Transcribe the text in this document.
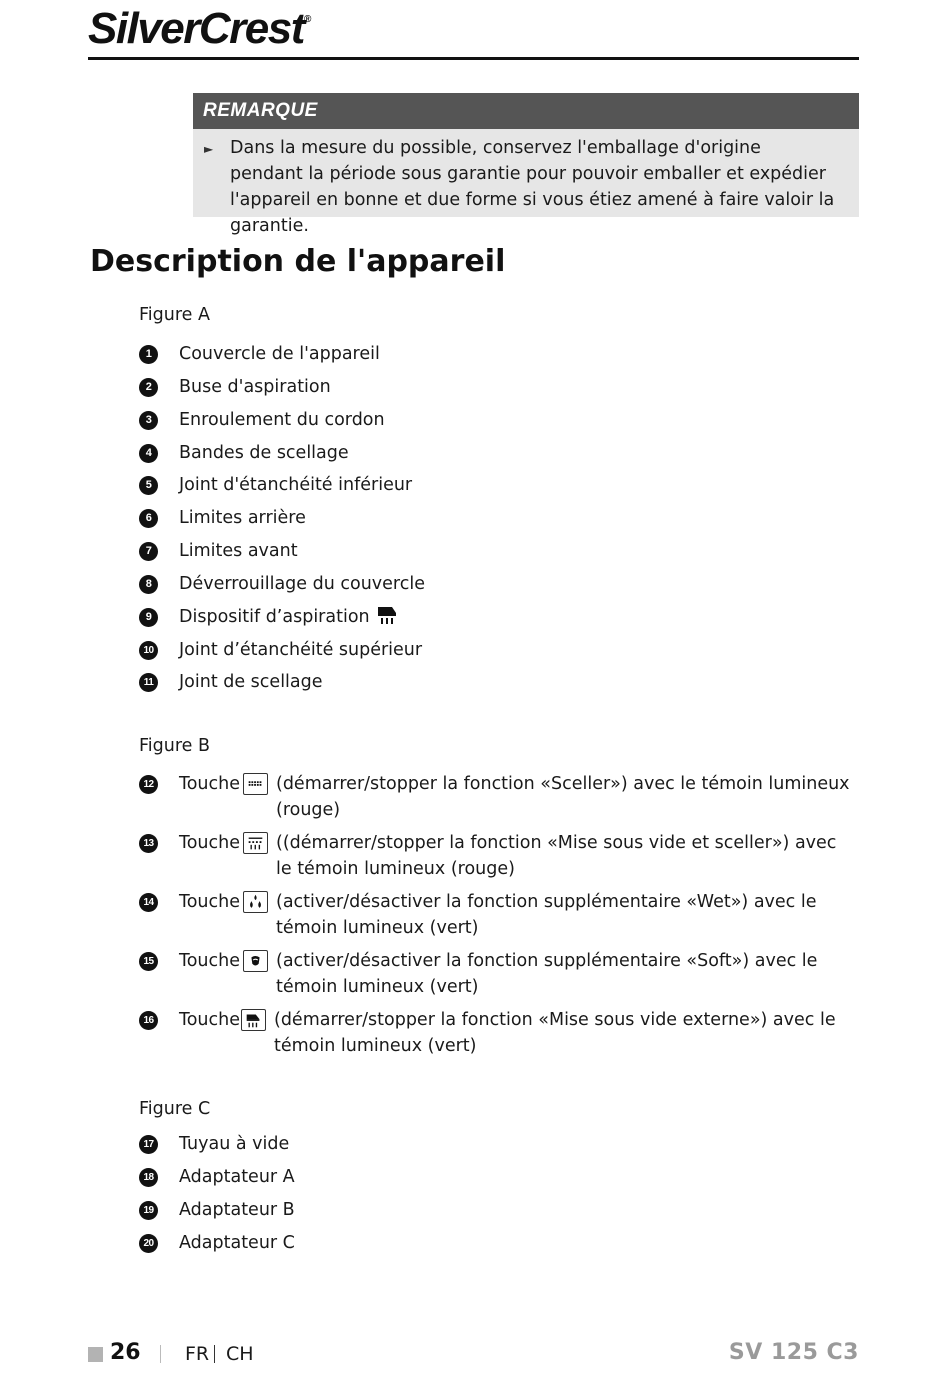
SilverCrest®
REMARQUE
► Dans la mesure du possible, conservez l'emballage d'origine pendant la période sous garantie pour pouvoir emballer et expédier l'appareil en bonne et due forme si vous étiez amené à faire valoir la garantie.
Description de l'appareil
Figure A
1	Couvercle de l'appareil
2	Buse d'aspiration
3	Enroulement du cordon
4	Bandes de scellage
5	Joint d'étanchéité inférieur
6	Limites arrière
7	Limites avant
8	Déverrouillage du couvercle
9	Dispositif d’aspiration
10 Joint d’étanchéité supérieur
11 Joint de scellage
Figure B
12 Touche (démarrer/stopper la fonction «Sceller») avec le témoin lumineux (rouge)
13 Touche ((démarrer/stopper la fonction «Mise sous vide et sceller») avec le témoin lumineux (rouge)
14 Touche (activer/désactiver la fonction supplémentaire «Wet») avec le témoin lumineux (vert)
15 Touche (activer/désactiver la fonction supplémentaire «Soft») avec le témoin lumineux (vert)
16 Touche (démarrer/stopper la fonction «Mise sous vide externe») avec le témoin lumineux (vert)
Figure C
17 Tuyau à vide
18 Adaptateur A
19 Adaptateur B
20 Adaptateur C
26 FR CH	SV 125 C3
